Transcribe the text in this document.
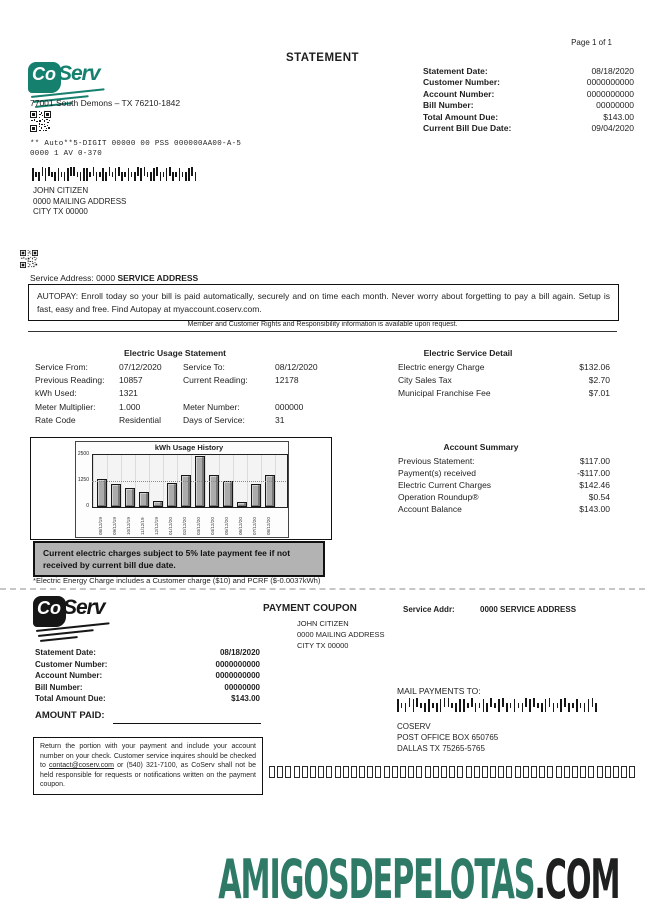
Page 1 of 1
STATEMENT
CoServ
77001 South Demons – TX 76210-1842
** Auto**5-DIGIT 00000 00 PSS 000000AA00-A-5
0000 1 AV 0-370
JOHN CITIZEN
0000 MAILING ADDRESS
CITY TX 00000
Statement Date:	08/18/2020
Customer Number:	0000000000
Account Number:	0000000000
Bill Number:	00000000
Total Amount Due:	$143.00
Current Bill Due Date:	09/04/2020
Service Address: 0000 SERVICE ADDRESS
AUTOPAY: Enroll today so your bill is paid automatically, securely and on time each month. Never worry about forgetting to pay a bill again. Setup is fast, easy and free. Find Autopay at myaccount.coserv.com.
Member and Customer Rights and Responsibility information is available upon request.
Electric Usage Statement
Service From:	07/12/2020	Service To:	08/12/2020
Previous Reading:	10857	Current Reading:	12178
kWh Used:	1321
Meter Multiplier:	1.000	Meter Number:	000000
Rate Code	Residential	Days of Service:	31
Electric Service Detail
Electric energy Charge	$132.06
City Sales Tax	$2.70
Municipal Franchise Fee	$7.01
kWh Usage History
2500
1250
0
08/12/19	09/12/19	10/12/19	11/12/19	12/12/19	01/12/20	02/12/20	03/12/20	04/12/20	05/12/20	06/12/20	07/12/20	08/12/20
Account Summary
Previous Statement:	$117.00
Payment(s) received	-$117.00
Electric Current Charges	$142.46
Operation Roundup®	$0.54
Account Balance	$143.00
Current electric charges subject to 5% late payment fee if not received by current bill due date.
*Electric Energy Charge includes a Customer charge ($10) and PCRF ($-0.0037kWh)
CoServ	PAYMENT COUPON	Service Addr:	0000 SERVICE ADDRESS
JOHN CITIZEN
0000 MAILING ADDRESS
CITY TX 00000
Statement Date:	08/18/2020
Customer Number:	0000000000
Account Number:	0000000000
Bill Number:	00000000
Total Amount Due:	$143.00
AMOUNT PAID:
Return the portion with your payment and include your account number on your check. Customer service inquires should be checked to contact@coserv.com or (540) 321-7100, as CoServ shall not be held responsible for requests or notifications written on the payment coupon.
MAIL PAYMENTS TO:
COSERV
POST OFFICE BOX 650765
DALLAS TX 75265-5765
AMIGOSDEPELOTAS.COM
